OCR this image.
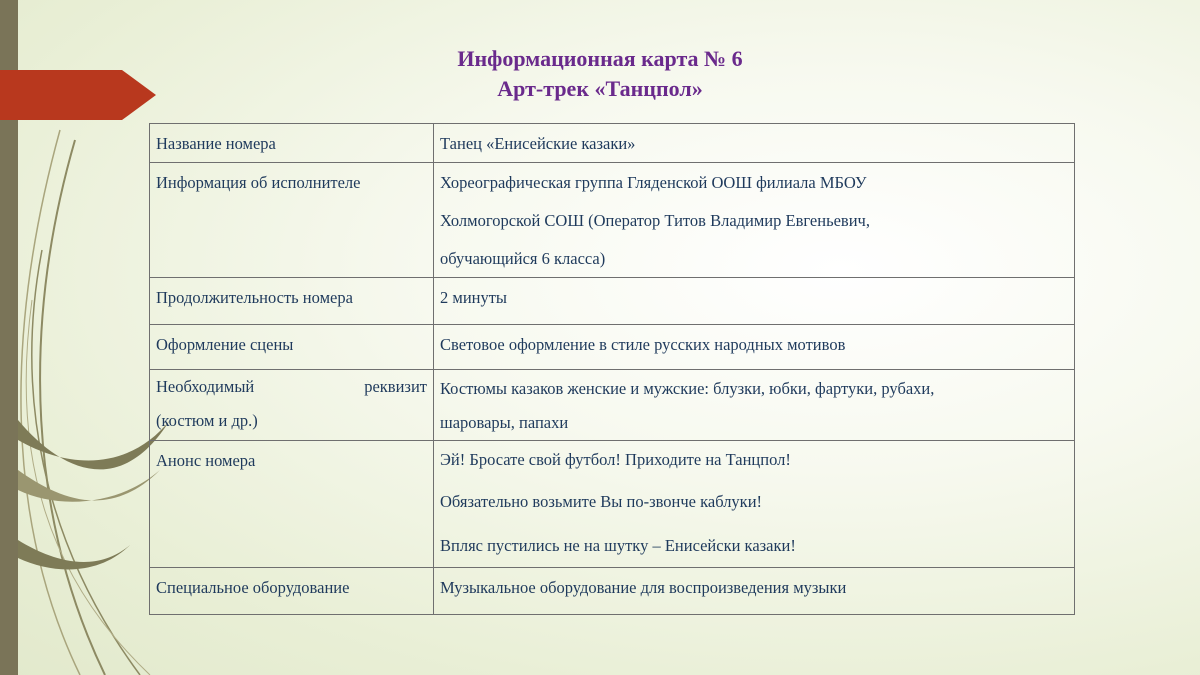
Информационная карта № 6
Арт-трек «Танцпол»
Название номера	Танец «Енисейские казаки»

Информация об исполнителе	Хореографическая группа Гляденской ООШ филиала МБОУ
Холмогорской СОШ (Оператор Титов Владимир Евгеньевич,
обучающийся 6 класса)

Продолжительность номера	2 минуты

Оформление сцены	Световое оформление в стиле русских народных мотивов

Необходимый реквизит
(костюм и др.)	Костюмы казаков женские и мужские: блузки, юбки, фартуки, рубахи,
шаровары, папахи

Анонс номера	Эй! Бросате свой футбол! Приходите на Танцпол!
Обязательно возьмите Вы по-звонче каблуки!
Впляс пустились не на шутку – Енисейски казаки!

Специальное оборудование	Музыкальное оборудование для воспроизведения музыки
